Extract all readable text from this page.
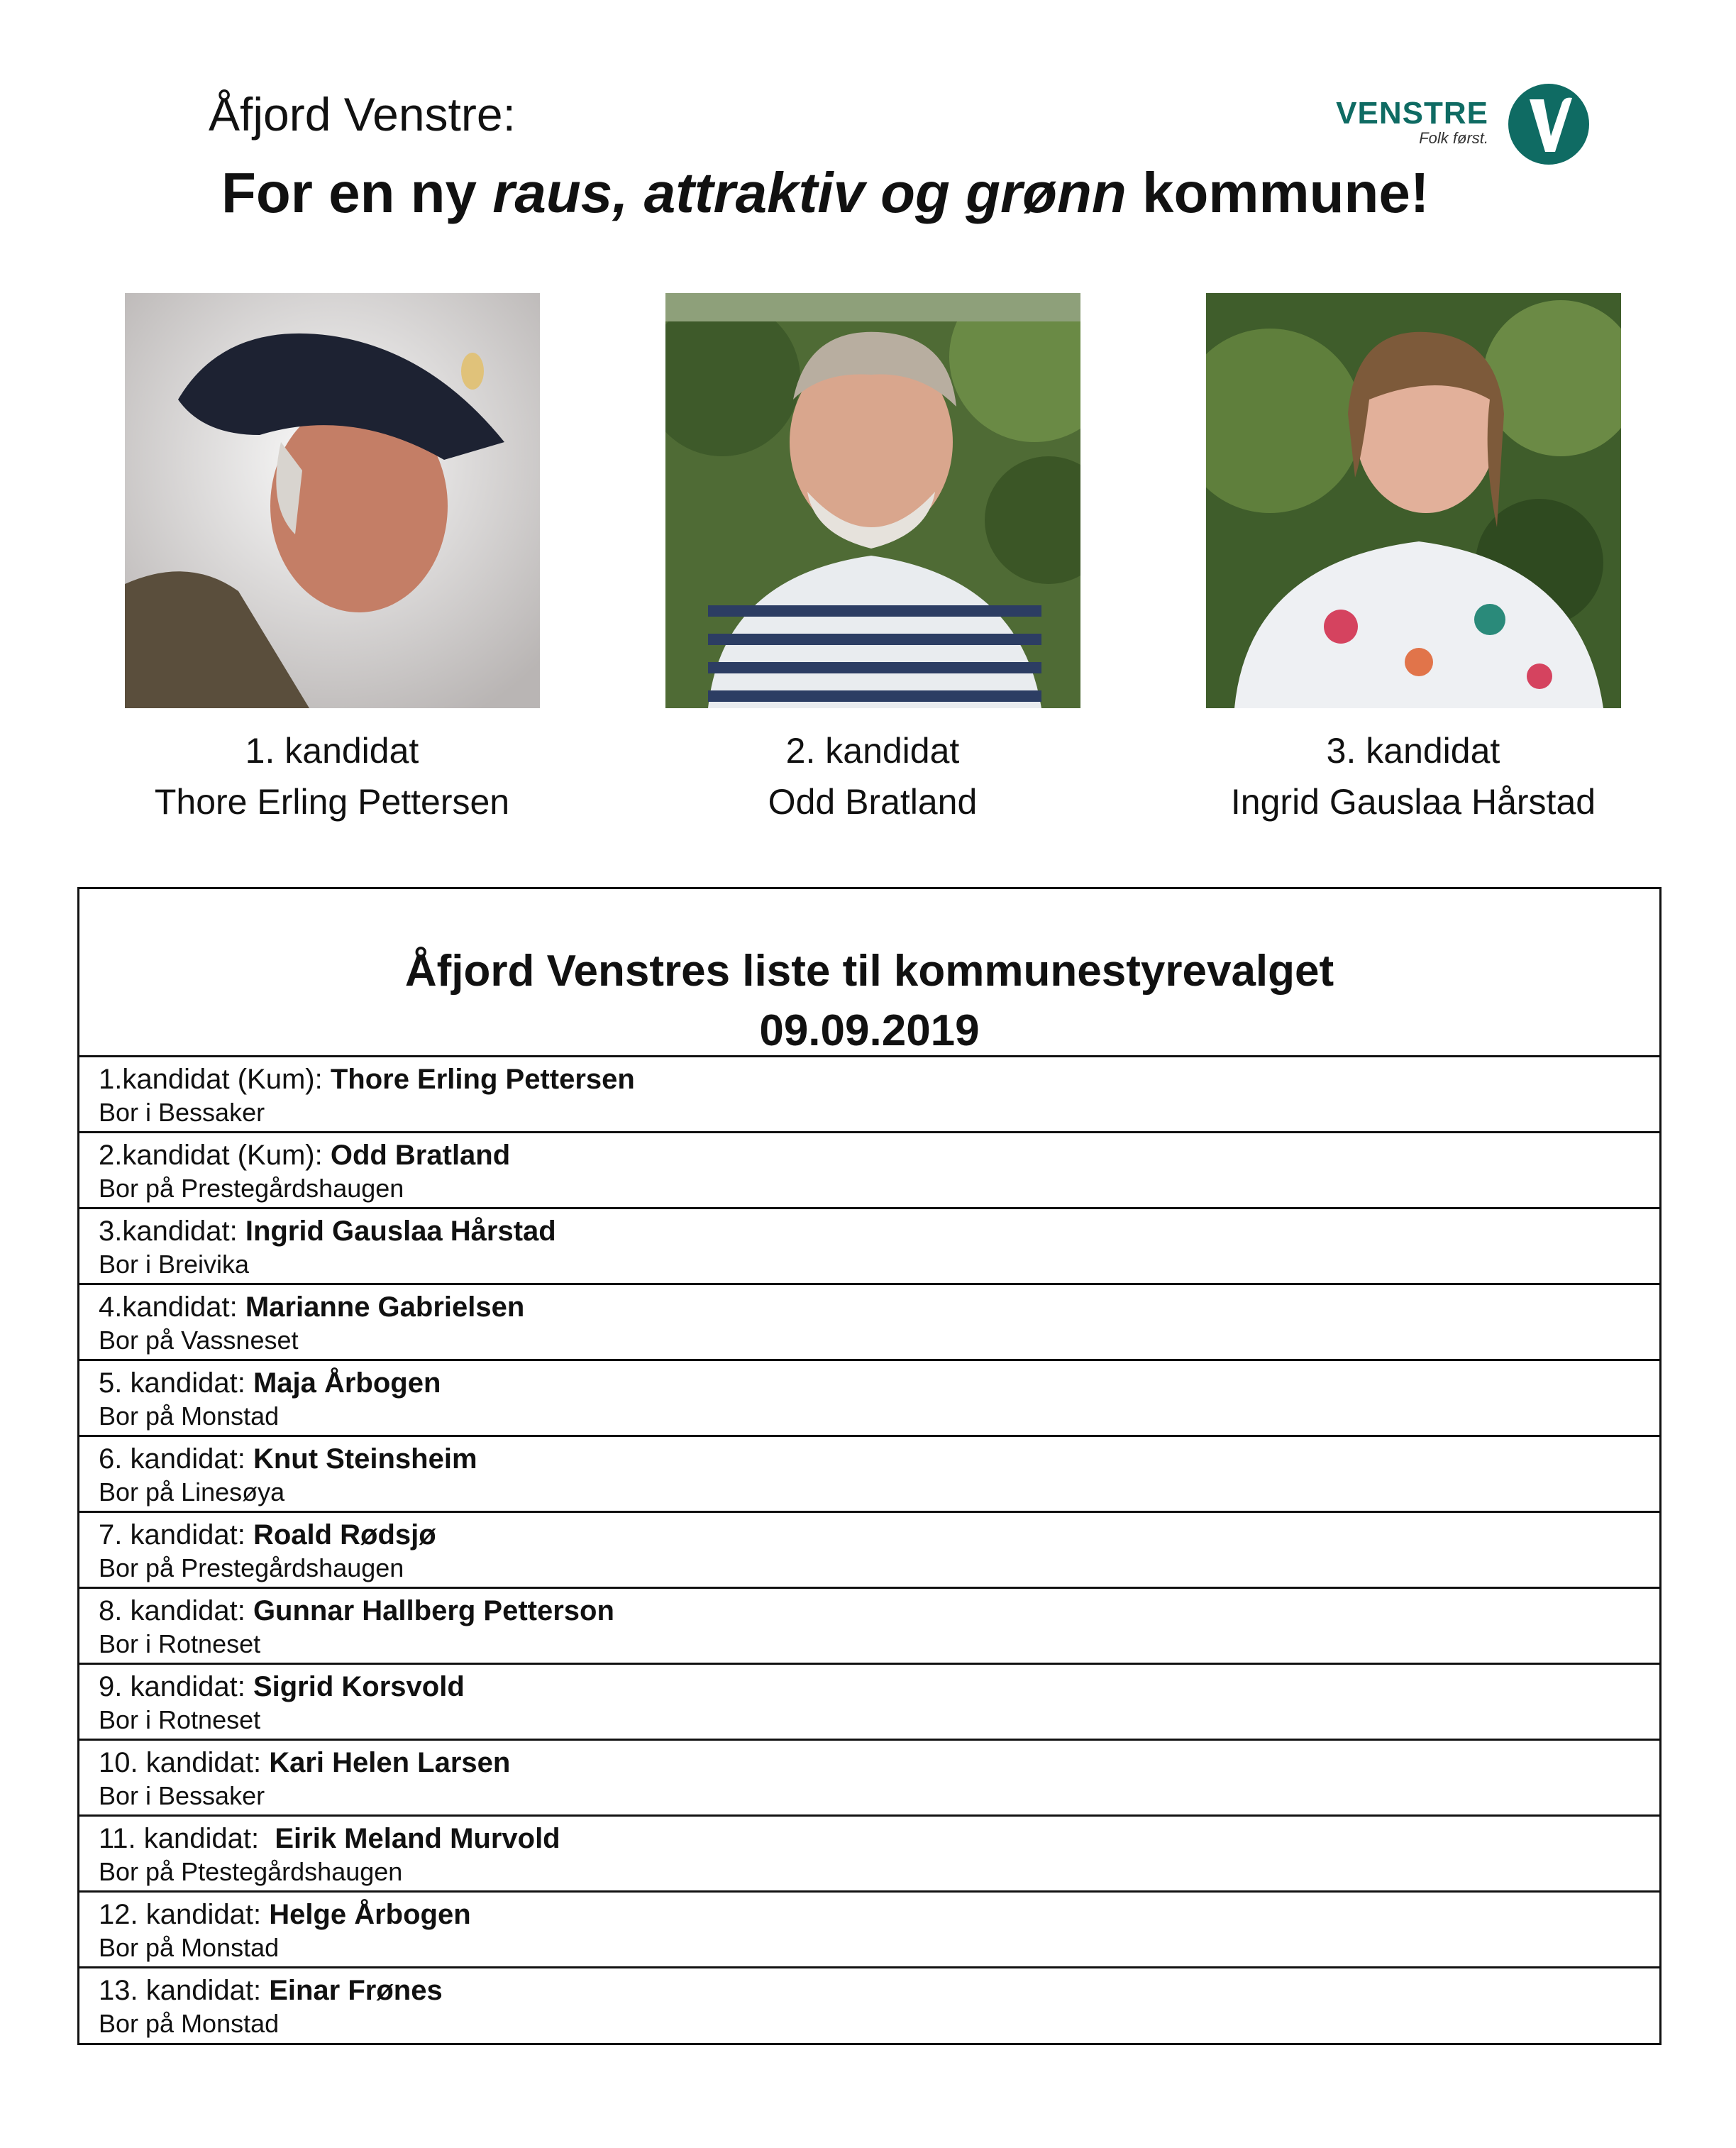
Åfjord Venstre:
For en ny raus, attraktiv og grønn kommune!
VENSTRE
Folk først.
1. kandidat
Thore Erling Pettersen
2. kandidat
Odd Bratland
3. kandidat
Ingrid Gauslaa Hårstad
Åfjord Venstres liste til kommunestyrevalget
09.09.2019
1.kandidat (Kum): Thore Erling Pettersen
Bor i Bessaker
2.kandidat (Kum): Odd Bratland
Bor på Prestegårdshaugen
3.kandidat: Ingrid Gauslaa Hårstad
Bor i Breivika
4.kandidat: Marianne Gabrielsen
Bor på Vassneset
5. kandidat: Maja Årbogen
Bor på Monstad
6. kandidat: Knut Steinsheim
Bor på Linesøya
7. kandidat: Roald Rødsjø
Bor på Prestegårdshaugen
8. kandidat: Gunnar Hallberg Petterson
Bor i Rotneset
9. kandidat: Sigrid Korsvold
Bor i Rotneset
10. kandidat: Kari Helen Larsen
Bor i Bessaker
11. kandidat:  Eirik Meland Murvold
Bor på Ptestegårdshaugen
12. kandidat: Helge Årbogen
Bor på Monstad
13. kandidat: Einar Frønes
Bor på Monstad
